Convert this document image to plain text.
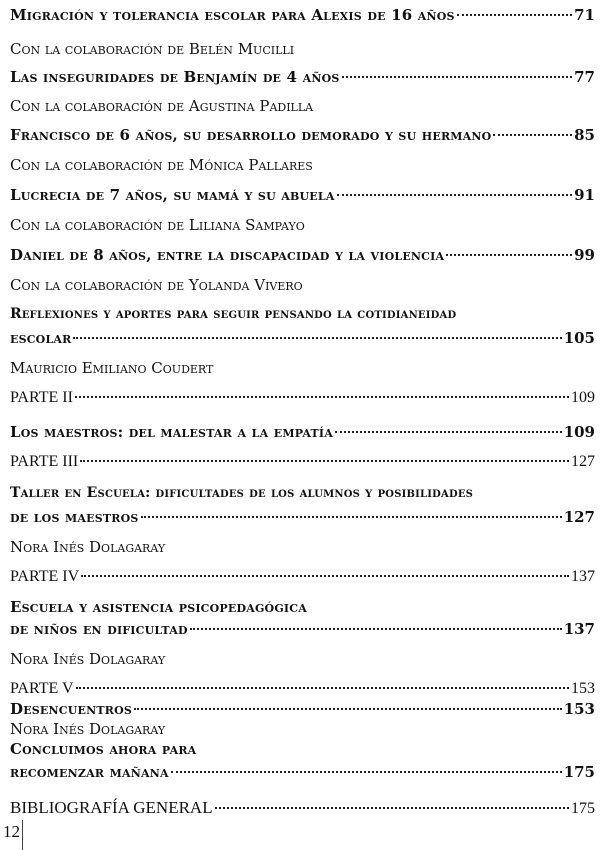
Migración y tolerancia escolar para Alexis de 16 años	71
Con la colaboración de Belén Mucilli
Las inseguridades de Benjamín de 4 años	77
Con la colaboración de Agustina Padilla
Francisco de 6 años, su desarrollo demorado y su hermano	85
Con la colaboración de Mónica Pallares
Lucrecia de 7 años, su mamá y su abuela	91
Con la colaboración de Liliana Sampayo
Daniel de 8 años, entre la discapacidad y la violencia	99
Con la colaboración de Yolanda Vivero
Reflexiones y aportes para seguir pensando la cotidianeidad
escolar	105
Mauricio Emiliano Coudert
PARTE II	109
Los maestros: del malestar a la empatía	109
PARTE III	127
Taller en Escuela: dificultades de los alumnos y posibilidades
de los maestros	127
Nora Inés Dolagaray
PARTE IV	137
Escuela y asistencia psicopedagógica
de niños en dificultad	137
Nora Inés Dolagaray
PARTE V	153
Desencuentros	153
Nora Inés Dolagaray
Concluimos ahora para
recomenzar mañana	175
BIBLIOGRAFÍA GENERAL	175
12
